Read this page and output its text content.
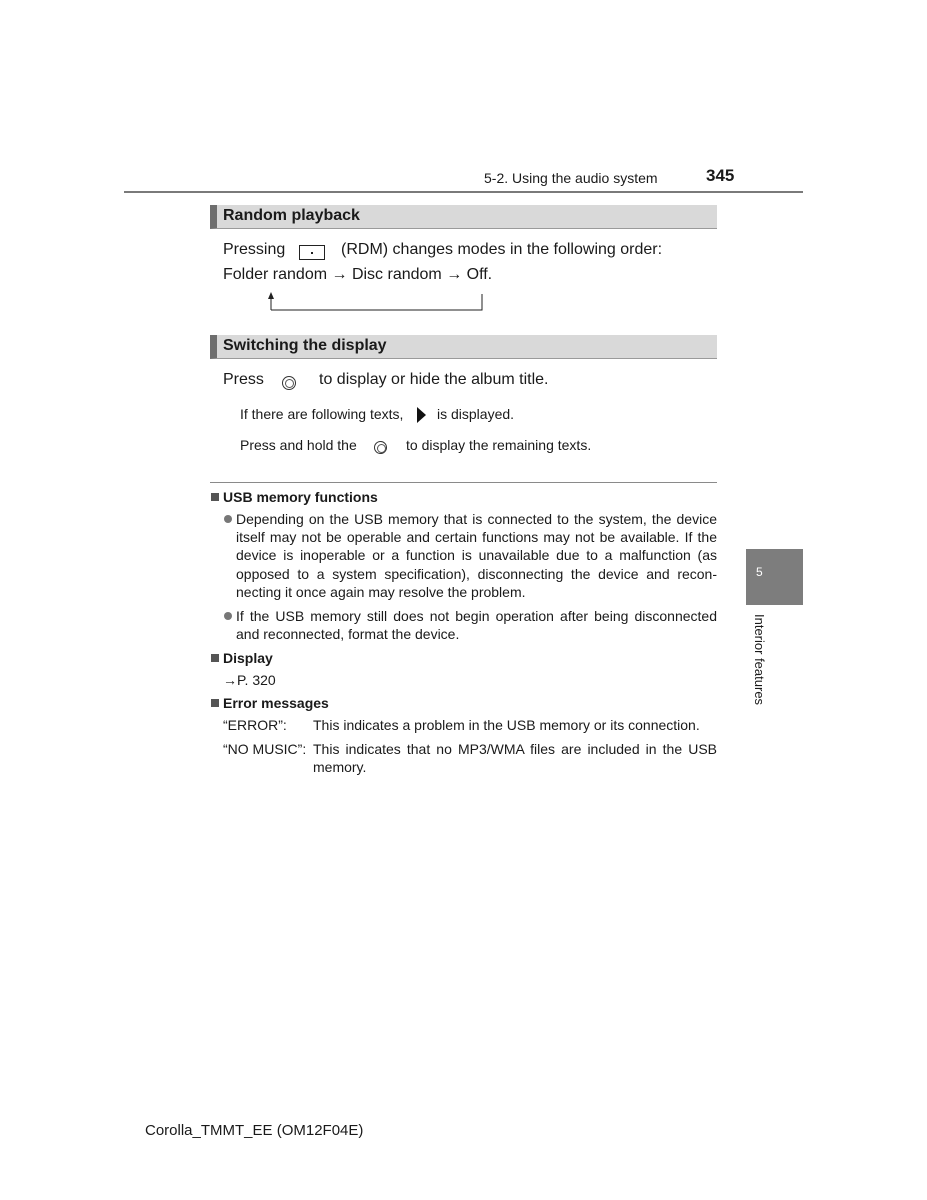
5-2. Using the audio system	345
Random playback
Pressing	(RDM) changes modes in the following order:
Folder random → Disc random → Off.
Switching the display
Press	to display or hide the album title.
If there are following texts, is displayed.
Press and hold the	to display the remaining texts.
USB memory functions
Depending on the USB memory that is connected to the system, the device itself may not be operable and certain functions may not be available. If the device is inoperable or a function is unavailable due to a malfunction (as opposed to a system specification), disconnecting the device and recon-necting it once again may resolve the problem.
If the USB memory still does not begin operation after being disconnected and reconnected, format the device.
Display
→P. 320
Error messages
“ERROR”: This indicates a problem in the USB memory or its connection.
“NO MUSIC”: This indicates that no MP3/WMA files are included in the USB memory.
5
Interior features
Corolla_TMMT_EE (OM12F04E)
